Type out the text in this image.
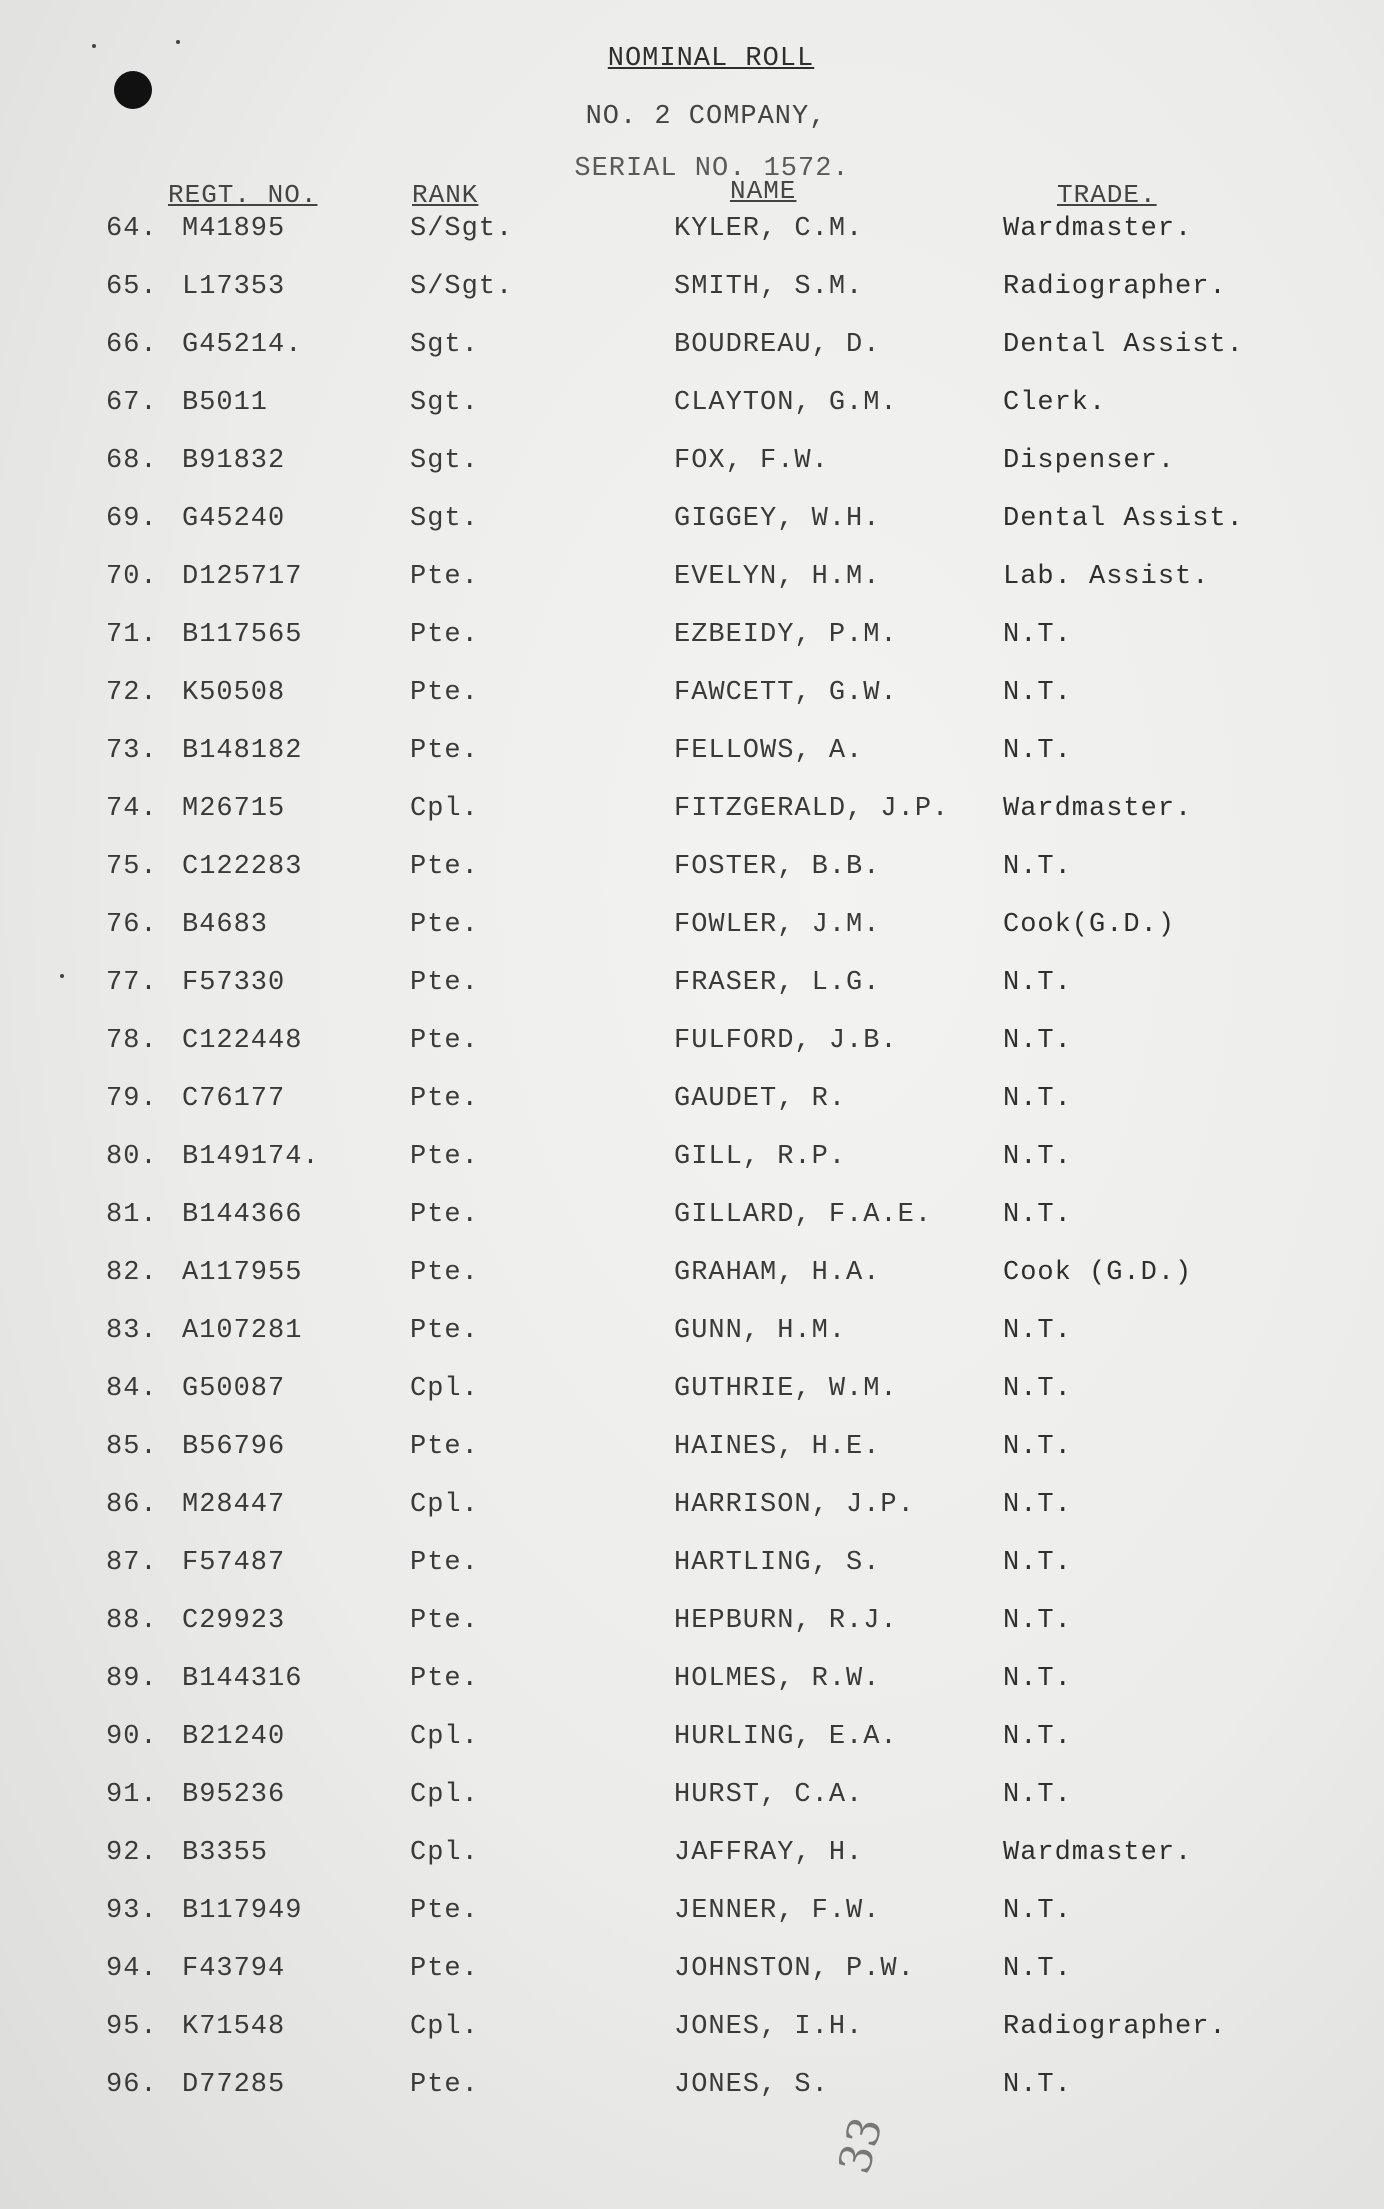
NOMINAL ROLL
NO. 2 COMPANY,
SERIAL NO. 1572.
REGT. NO.	RANK	NAME	TRADE.
64. M41895	S/Sgt.	KYLER, C.M.	Wardmaster.
65. L17353	S/Sgt.	SMITH, S.M.	Radiographer.
66. G45214.	Sgt.	BOUDREAU, D.	Dental Assist.
67. B5011	Sgt.	CLAYTON, G.M.	Clerk.
68. B91832	Sgt.	FOX, F.W.	Dispenser.
69. G45240	Sgt.	GIGGEY, W.H.	Dental Assist.
70. D125717	Pte.	EVELYN, H.M.	Lab. Assist.
71. B117565	Pte.	EZBEIDY, P.M.	N.T.
72. K50508	Pte.	FAWCETT, G.W.	N.T.
73. B148182	Pte.	FELLOWS, A.	N.T.
74. M26715	Cpl.	FITZGERALD, J.P. Wardmaster.
75. C122283	Pte.	FOSTER, B.B.	N.T.
76. B4683	Pte.	FOWLER, J.M.	Cook(G.D.)
77. F57330	Pte.	FRASER, L.G.	N.T.
78. C122448	Pte.	FULFORD, J.B.	N.T.
79. C76177	Pte.	GAUDET, R.	N.T.
80. B149174.	Pte.	GILL, R.P.	N.T.
81. B144366	Pte.	GILLARD, F.A.E.	N.T.
82. A117955	Pte.	GRAHAM, H.A.	Cook (G.D.)
83. A107281	Pte.	GUNN, H.M.	N.T.
84. G50087	Cpl.	GUTHRIE, W.M.	N.T.
85. B56796	Pte.	HAINES, H.E.	N.T.
86. M28447	Cpl.	HARRISON, J.P.	N.T.
87. F57487	Pte.	HARTLING, S.	N.T.
88. C29923	Pte.	HEPBURN, R.J.	N.T.
89. B144316	Pte.	HOLMES, R.W.	N.T.
90. B21240	Cpl.	HURLING, E.A.	N.T.
91. B95236	Cpl.	HURST, C.A.	N.T.
92. B3355	Cpl.	JAFFRAY, H.	Wardmaster.
93. B117949	Pte.	JENNER, F.W.	N.T.
94. F43794	Pte.	JOHNSTON, P.W.	N.T.
95. K71548	Cpl.	JONES, I.H.	Radiographer.
96. D77285	Pte.	JONES, S.	N.T.
33
